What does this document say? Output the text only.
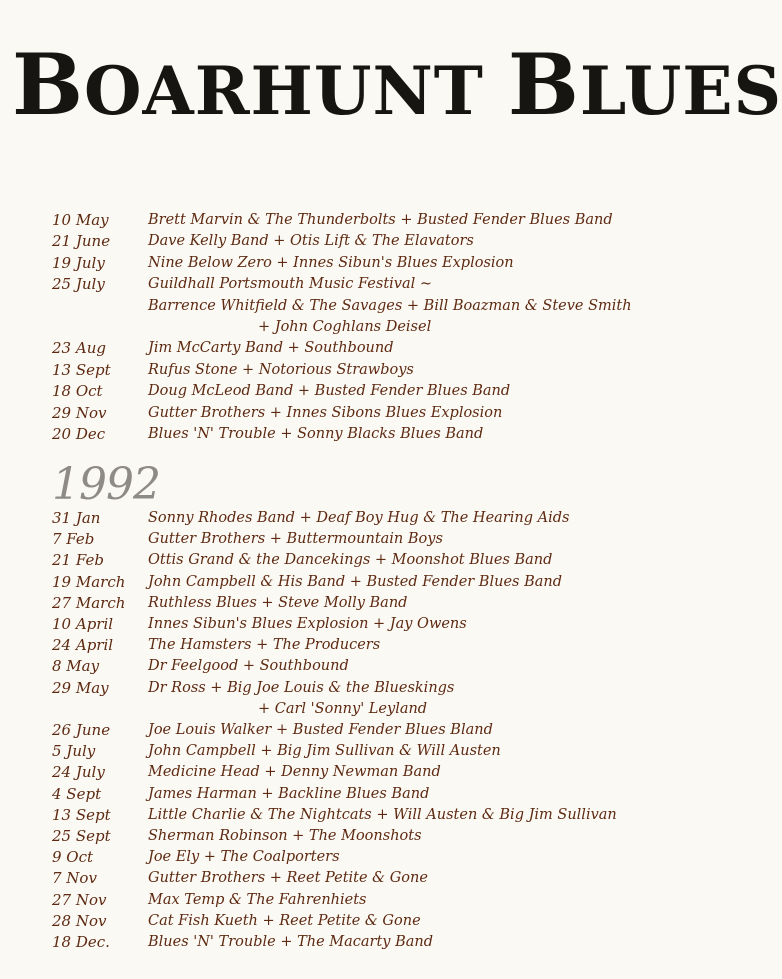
BOARHUNT BLUES
10 May	Brett Marvin & The Thunderbolts + Busted Fender Blues Band
21 June	Dave Kelly Band + Otis Lift & The Elavators
19 July	Nine Below Zero + Innes Sibun's Blues Explosion
25 July	Guildhall Portsmouth Music Festival ~
Barrence Whitfield & The Savages + Bill Boazman & Steve Smith
+ John Coghlans Deisel
23 Aug	Jim McCarty Band + Southbound
13 Sept	Rufus Stone + Notorious Strawboys
18 Oct	Doug McLeod Band + Busted Fender Blues Band
29 Nov	Gutter Brothers + Innes Sibons Blues Explosion
20 Dec	Blues 'N' Trouble + Sonny Blacks Blues Band
1992
31 Jan	Sonny Rhodes Band + Deaf Boy Hug & The Hearing Aids
7 Feb	Gutter Brothers + Buttermountain Boys
21 Feb	Ottis Grand & the Dancekings + Moonshot Blues Band
19 March	John Campbell & His Band + Busted Fender Blues Band
27 March	Ruthless Blues + Steve Molly Band
10 April	Innes Sibun's Blues Explosion + Jay Owens
24 April	The Hamsters + The Producers
8 May	Dr Feelgood + Southbound
29 May	Dr Ross + Big Joe Louis & the Blueskings
+ Carl 'Sonny' Leyland
26 June	Joe Louis Walker + Busted Fender Blues Bland
5 July	John Campbell + Big Jim Sullivan & Will Austen
24 July	Medicine Head + Denny Newman Band
4 Sept	James Harman + Backline Blues Band
13 Sept	Little Charlie & The Nightcats + Will Austen & Big Jim Sullivan
25 Sept	Sherman Robinson + The Moonshots
9 Oct	Joe Ely + The Coalporters
7 Nov	Gutter Brothers + Reet Petite & Gone
27 Nov	Max Temp & The Fahrenhiets
28 Nov	Cat Fish Kueth + Reet Petite & Gone
18 Dec.	Blues 'N' Trouble + The Macarty Band
